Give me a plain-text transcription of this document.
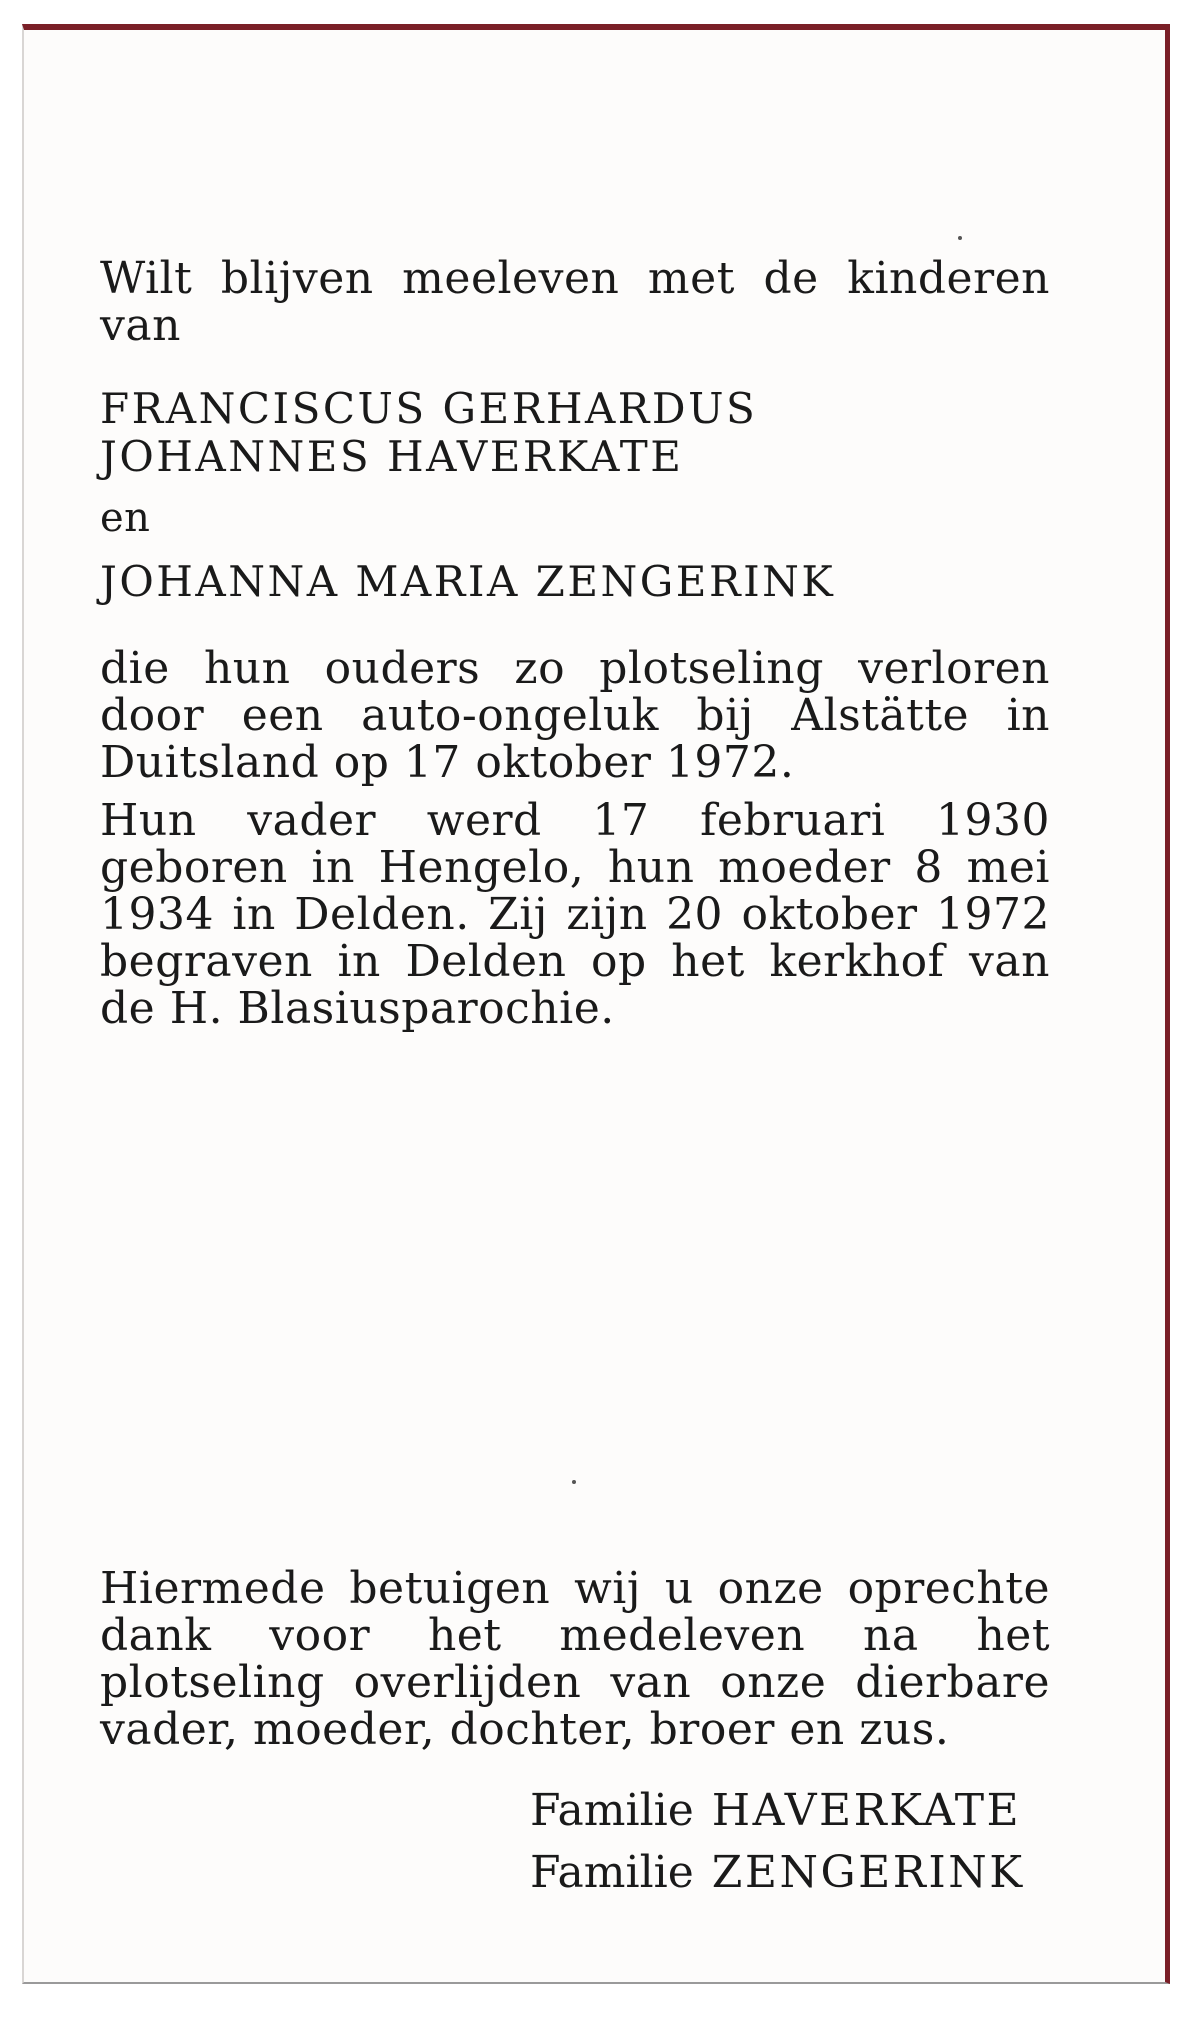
Wilt blijven meeleven met de kinderen van

FRANCISCUS GERHARDUS JOHANNES HAVERKATE

en

JOHANNA MARIA ZENGERINK

die hun ouders zo plotseling verloren door een auto-ongeluk bij Alstätte in Duitsland op 17 oktober 1972.

Hun vader werd 17 februari 1930 geboren in Hengelo, hun moeder 8 mei 1934 in Delden. Zij zijn 20 oktober 1972 begraven in Delden op het kerkhof van de H. Blasiusparochie.

Hiermede betuigen wij u onze oprechte dank voor het medeleven na het plotseling overlijden van onze dierbare vader, moeder, dochter, broer en zus.

Familie HAVERKATE

Familie ZENGERINK
